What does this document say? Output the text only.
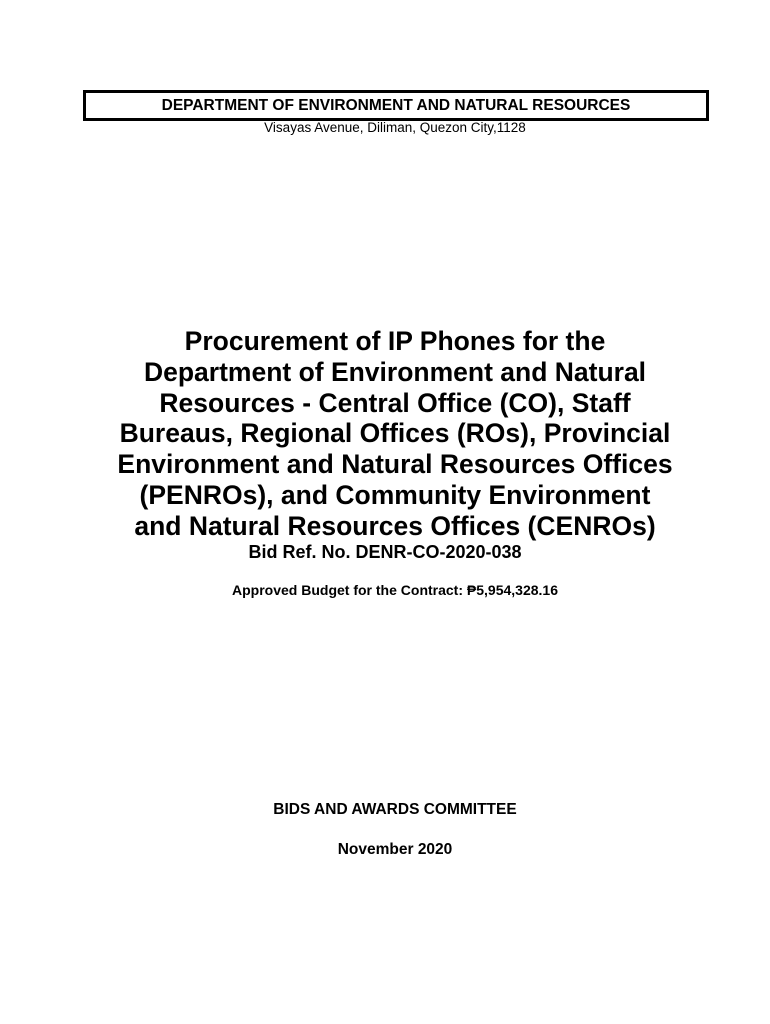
DEPARTMENT OF ENVIRONMENT AND NATURAL RESOURCES
Visayas Avenue, Diliman, Quezon City,1128
Procurement of IP Phones for the
Department of Environment and Natural
Resources - Central Office (CO), Staff
Bureaus, Regional Offices (ROs), Provincial
Environment and Natural Resources Offices
(PENROs), and Community Environment
and Natural Resources Offices (CENROs)
Bid Ref. No. DENR-CO-2020-038
Approved Budget for the Contract: ₱5,954,328.16
BIDS AND AWARDS COMMITTEE
November 2020
